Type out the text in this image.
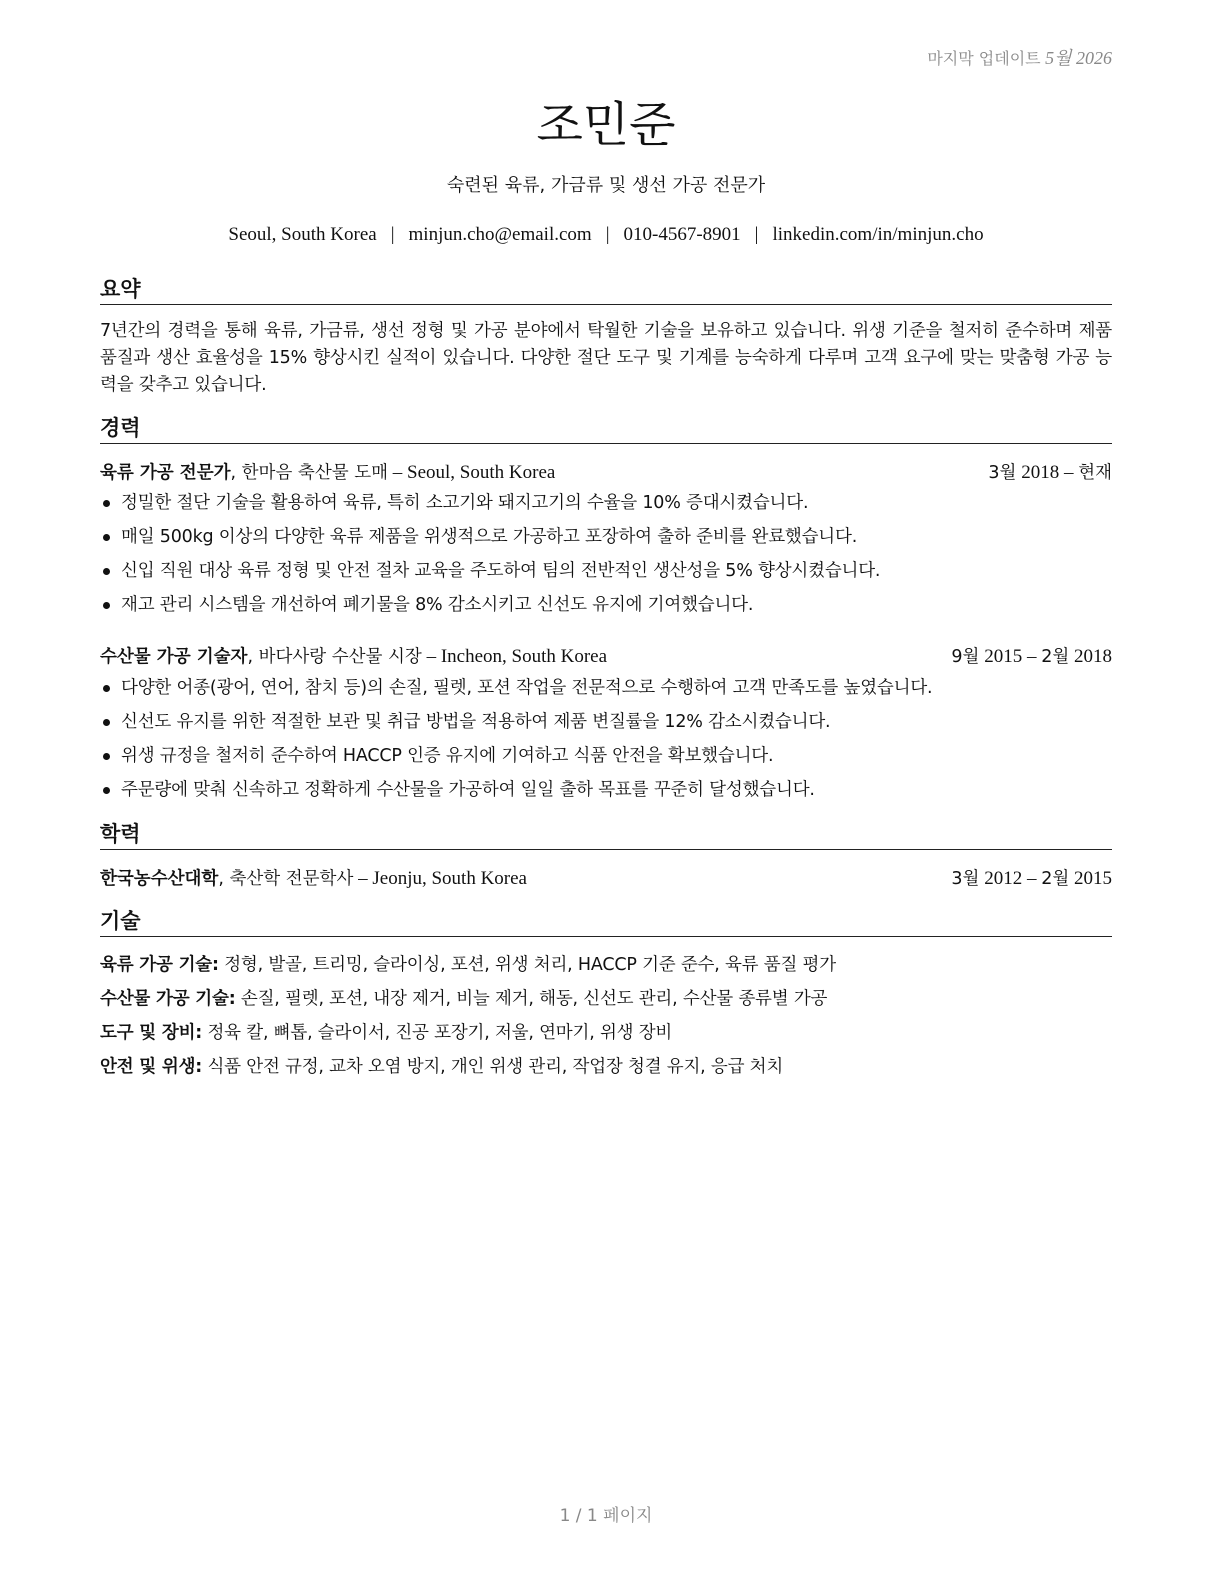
마지막 업데이트 5월 2026
조민준
숙련된 육류, 가금류 및 생선 가공 전문가
Seoul, South Korea | minjun.cho@email.com | 010-4567-8901 | linkedin.com/in/minjun.cho
요약
7년간의 경력을 통해 육류, 가금류, 생선 정형 및 가공 분야에서 탁월한 기술을 보유하고 있습니다. 위생 기준을 철저히 준수하며 제품 품질과 생산 효율성을 15% 향상시킨 실적이 있습니다. 다양한 절단 도구 및 기계를 능숙하게 다루며 고객 요구에 맞는 맞춤형 가공 능력을 갖추고 있습니다.
경력
육류 가공 전문가, 한마음 축산물 도매 – Seoul, South Korea	3월 2018 – 현재
정밀한 절단 기술을 활용하여 육류, 특히 소고기와 돼지고기의 수율을 10% 증대시켰습니다.
매일 500kg 이상의 다양한 육류 제품을 위생적으로 가공하고 포장하여 출하 준비를 완료했습니다.
신입 직원 대상 육류 정형 및 안전 절차 교육을 주도하여 팀의 전반적인 생산성을 5% 향상시켰습니다.
재고 관리 시스템을 개선하여 폐기물을 8% 감소시키고 신선도 유지에 기여했습니다.
수산물 가공 기술자, 바다사랑 수산물 시장 – Incheon, South Korea	9월 2015 – 2월 2018
다양한 어종(광어, 연어, 참치 등)의 손질, 필렛, 포션 작업을 전문적으로 수행하여 고객 만족도를 높였습니다.
신선도 유지를 위한 적절한 보관 및 취급 방법을 적용하여 제품 변질률을 12% 감소시켰습니다.
위생 규정을 철저히 준수하여 HACCP 인증 유지에 기여하고 식품 안전을 확보했습니다.
주문량에 맞춰 신속하고 정확하게 수산물을 가공하여 일일 출하 목표를 꾸준히 달성했습니다.
학력
한국농수산대학, 축산학 전문학사 – Jeonju, South Korea	3월 2012 – 2월 2015
기술
육류 가공 기술: 정형, 발골, 트리밍, 슬라이싱, 포션, 위생 처리, HACCP 기준 준수, 육류 품질 평가
수산물 가공 기술: 손질, 필렛, 포션, 내장 제거, 비늘 제거, 해동, 신선도 관리, 수산물 종류별 가공
도구 및 장비: 정육 칼, 뼈톱, 슬라이서, 진공 포장기, 저울, 연마기, 위생 장비
안전 및 위생: 식품 안전 규정, 교차 오염 방지, 개인 위생 관리, 작업장 청결 유지, 응급 처치
1 / 1 페이지
